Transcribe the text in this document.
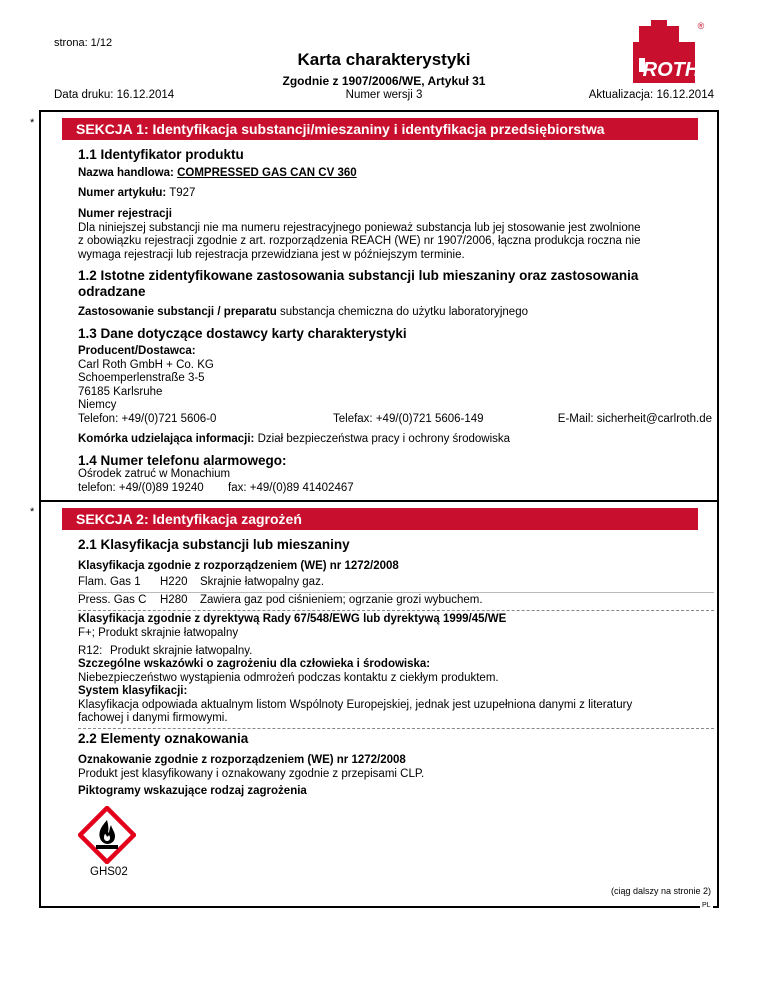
strona: 1/12
Karta charakterystyki
Zgodnie z 1907/2006/WE, Artykuł 31	ROTH
®
Data druku: 16.12.2014	Numer wersji 3	Aktualizacja: 16.12.2014
*	SEKCJA 1: Identyfikacja substancji/mieszaniny i identyfikacja przedsiębiorstwa
1.1 Identyfikator produktu
Nazwa handlowa: COMPRESSED GAS CAN CV 360
Numer artykułu: T927
Numer rejestracji
Dla niniejszej substancji nie ma numeru rejestracyjnego ponieważ substancja lub jej stosowanie jest zwolnione
z obowiązku rejestracji zgodnie z art. rozporządzenia REACH (WE) nr 1907/2006, łączna produkcja roczna nie
wymaga rejestracji lub rejestracja przewidziana jest w późniejszym terminie.
1.2 Istotne zidentyfikowane zastosowania substancji lub mieszaniny oraz zastosowania
odradzane
Zastosowanie substancji / preparatu substancja chemiczna do użytku laboratoryjnego
1.3 Dane dotyczące dostawcy karty charakterystyki
Producent/Dostawca:
Carl Roth GmbH + Co. KG
Schoemperlenstraße 3-5
76185 Karlsruhe
Niemcy
Telefon: +49/(0)721 5606-0	Telefax: +49/(0)721 5606-149	E-Mail: sicherheit@carlroth.de
Komórka udzielająca informacji: Dział bezpieczeństwa pracy i ochrony środowiska
1.4 Numer telefonu alarmowego:
Ośrodek zatruć w Monachium
telefon: +49/(0)89 19240 fax: +49/(0)89 41402467
*	SEKCJA 2: Identyfikacja zagrożeń
2.1 Klasyfikacja substancji lub mieszaniny
Klasyfikacja zgodnie z rozporządzeniem (WE) nr 1272/2008
Flam. Gas 1 H220 Skrajnie łatwopalny gaz.
Press. Gas C H280 Zawiera gaz pod ciśnieniem; ogrzanie grozi wybuchem.
Klasyfikacja zgodnie z dyrektywą Rady 67/548/EWG lub dyrektywą 1999/45/WE
F+; Produkt skrajnie łatwopalny
R12: Produkt skrajnie łatwopalny.
Szczególne wskazówki o zagrożeniu dla człowieka i środowiska:
Niebezpieczeństwo wystąpienia odmrożeń podczas kontaktu z ciekłym produktem.
System klasyfikacji:
Klasyfikacja odpowiada aktualnym listom Wspólnoty Europejskiej, jednak jest uzupełniona danymi z literatury
fachowej i danymi firmowymi.
2.2 Elementy oznakowania
Oznakowanie zgodnie z rozporządzeniem (WE) nr 1272/2008
Produkt jest klasyfikowany i oznakowany zgodnie z przepisami CLP.
Piktogramy wskazujące rodzaj zagrożenia
GHS02
(ciąg dalszy na stronie 2)
PL
